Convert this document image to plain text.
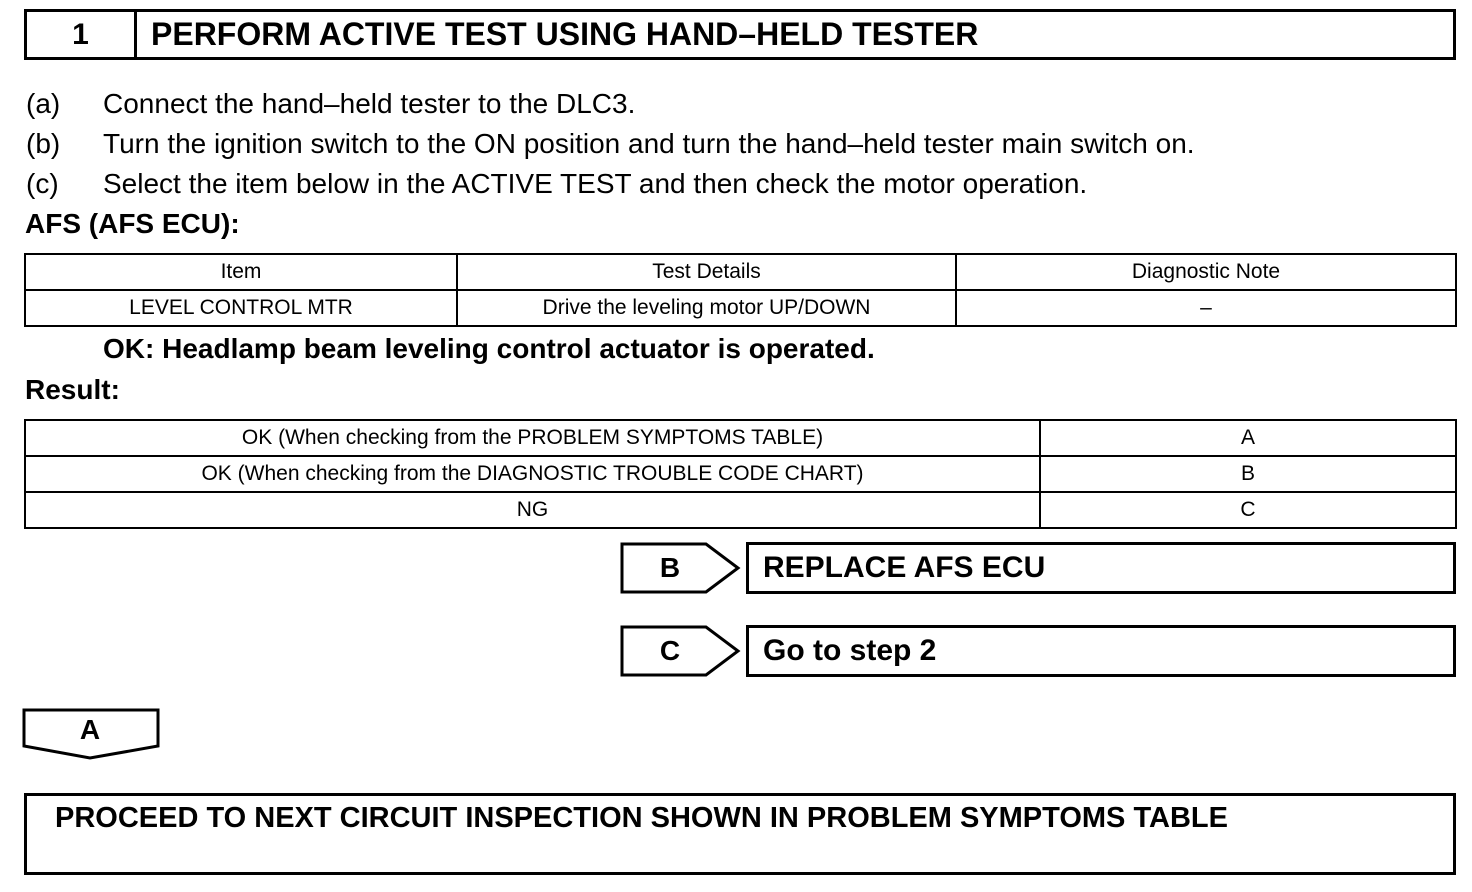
1	PERFORM ACTIVE TEST USING HAND–HELD TESTER
(a)	Connect the hand–held tester to the DLC3.
(b)	Turn the ignition switch to the ON position and turn the hand–held tester main switch on.
(c)	Select the item below in the ACTIVE TEST and then check the motor operation.
AFS (AFS ECU):
Item	Test Details	Diagnostic Note
LEVEL CONTROL MTR	Drive the leveling motor UP/DOWN	–
OK: Headlamp beam leveling control actuator is operated.
Result:
OK (When checking from the PROBLEM SYMPTOMS TABLE)	A
OK (When checking from the DIAGNOSTIC TROUBLE CODE CHART)	B
NG	C
B	REPLACE AFS ECU
C	Go to step 2
A
PROCEED TO NEXT CIRCUIT INSPECTION SHOWN IN PROBLEM SYMPTOMS TABLE
